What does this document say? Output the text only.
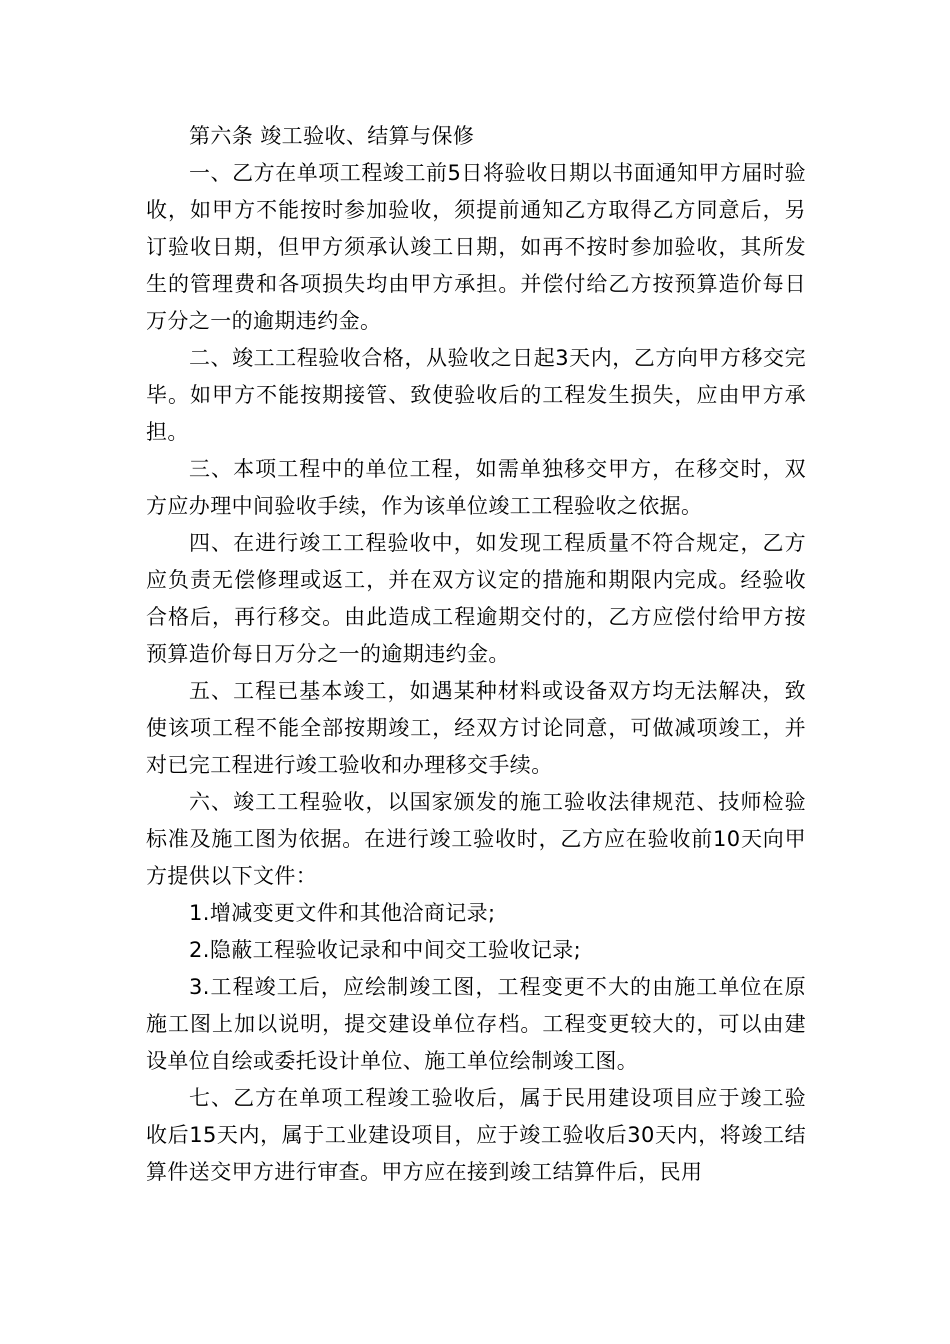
第六条 竣工验收、结算与保修

一、乙方在单项工程竣工前5日将验收日期以书面通知甲方届时验收，如甲方不能按时参加验收，须提前通知乙方取得乙方同意后，另订验收日期，但甲方须承认竣工日期，如再不按时参加验收，其所发生的管理费和各项损失均由甲方承担。并偿付给乙方按预算造价每日万分之一的逾期违约金。

二、竣工工程验收合格，从验收之日起3天内，乙方向甲方移交完毕。如甲方不能按期接管、致使验收后的工程发生损失，应由甲方承担。

三、本项工程中的单位工程，如需单独移交甲方，在移交时，双方应办理中间验收手续，作为该单位竣工工程验收之依据。

四、在进行竣工工程验收中，如发现工程质量不符合规定，乙方应负责无偿修理或返工，并在双方议定的措施和期限内完成。经验收合格后，再行移交。由此造成工程逾期交付的，乙方应偿付给甲方按预算造价每日万分之一的逾期违约金。

五、工程已基本竣工，如遇某种材料或设备双方均无法解决，致使该项工程不能全部按期竣工，经双方讨论同意，可做减项竣工，并对已完工程进行竣工验收和办理移交手续。

六、竣工工程验收，以国家颁发的施工验收法律规范、技师检验标准及施工图为依据。在进行竣工验收时，乙方应在验收前10天向甲方提供以下文件：

1.增减变更文件和其他洽商记录;

2.隐蔽工程验收记录和中间交工验收记录;

3.工程竣工后，应绘制竣工图，工程变更不大的由施工单位在原施工图上加以说明，提交建设单位存档。工程变更较大的，可以由建设单位自绘或委托设计单位、施工单位绘制竣工图。

七、乙方在单项工程竣工验收后，属于民用建设项目应于竣工验收后15天内，属于工业建设项目，应于竣工验收后30天内，将竣工结算件送交甲方进行审查。甲方应在接到竣工结算件后，民用
